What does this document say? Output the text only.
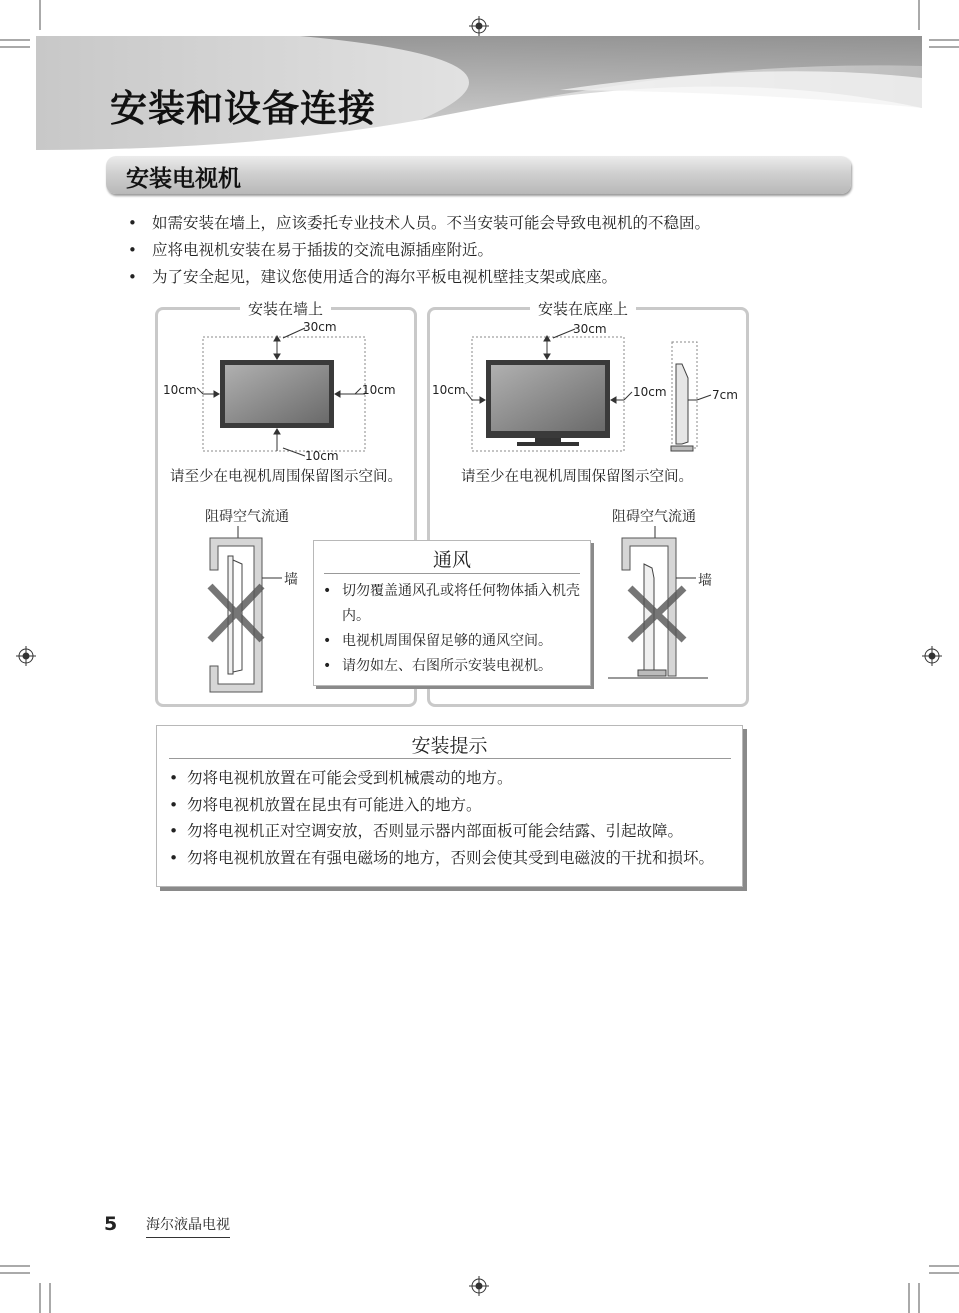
安装和设备连接
安装电视机
• 如需安装在墙上，应该委托专业技术人员。不当安装可能会导致电视机的不稳固。
• 应将电视机安装在易于插拔的交流电源插座附近。
• 为了安全起见，建议您使用适合的海尔平板电视机壁挂支架或底座。
安装在墙上
30cm
10cm	10cm
10cm
请至少在电视机周围保留图示空间。
阻碍空气流通
墙
安装在底座上
30cm
10cm	10cm	7cm
请至少在电视机周围保留图示空间。
阻碍空气流通
墙
通风
• 切勿覆盖通风孔或将任何物体插入机壳内。
• 电视机周围保留足够的通风空间。
• 请勿如左、右图所示安装电视机。
安装提示
• 勿将电视机放置在可能会受到机械震动的地方。
• 勿将电视机放置在昆虫有可能进入的地方。
• 勿将电视机正对空调安放，否则显示器内部面板可能会结露、引起故障。
• 勿将电视机放置在有强电磁场的地方，否则会使其受到电磁波的干扰和损坏。
5 海尔液晶电视
